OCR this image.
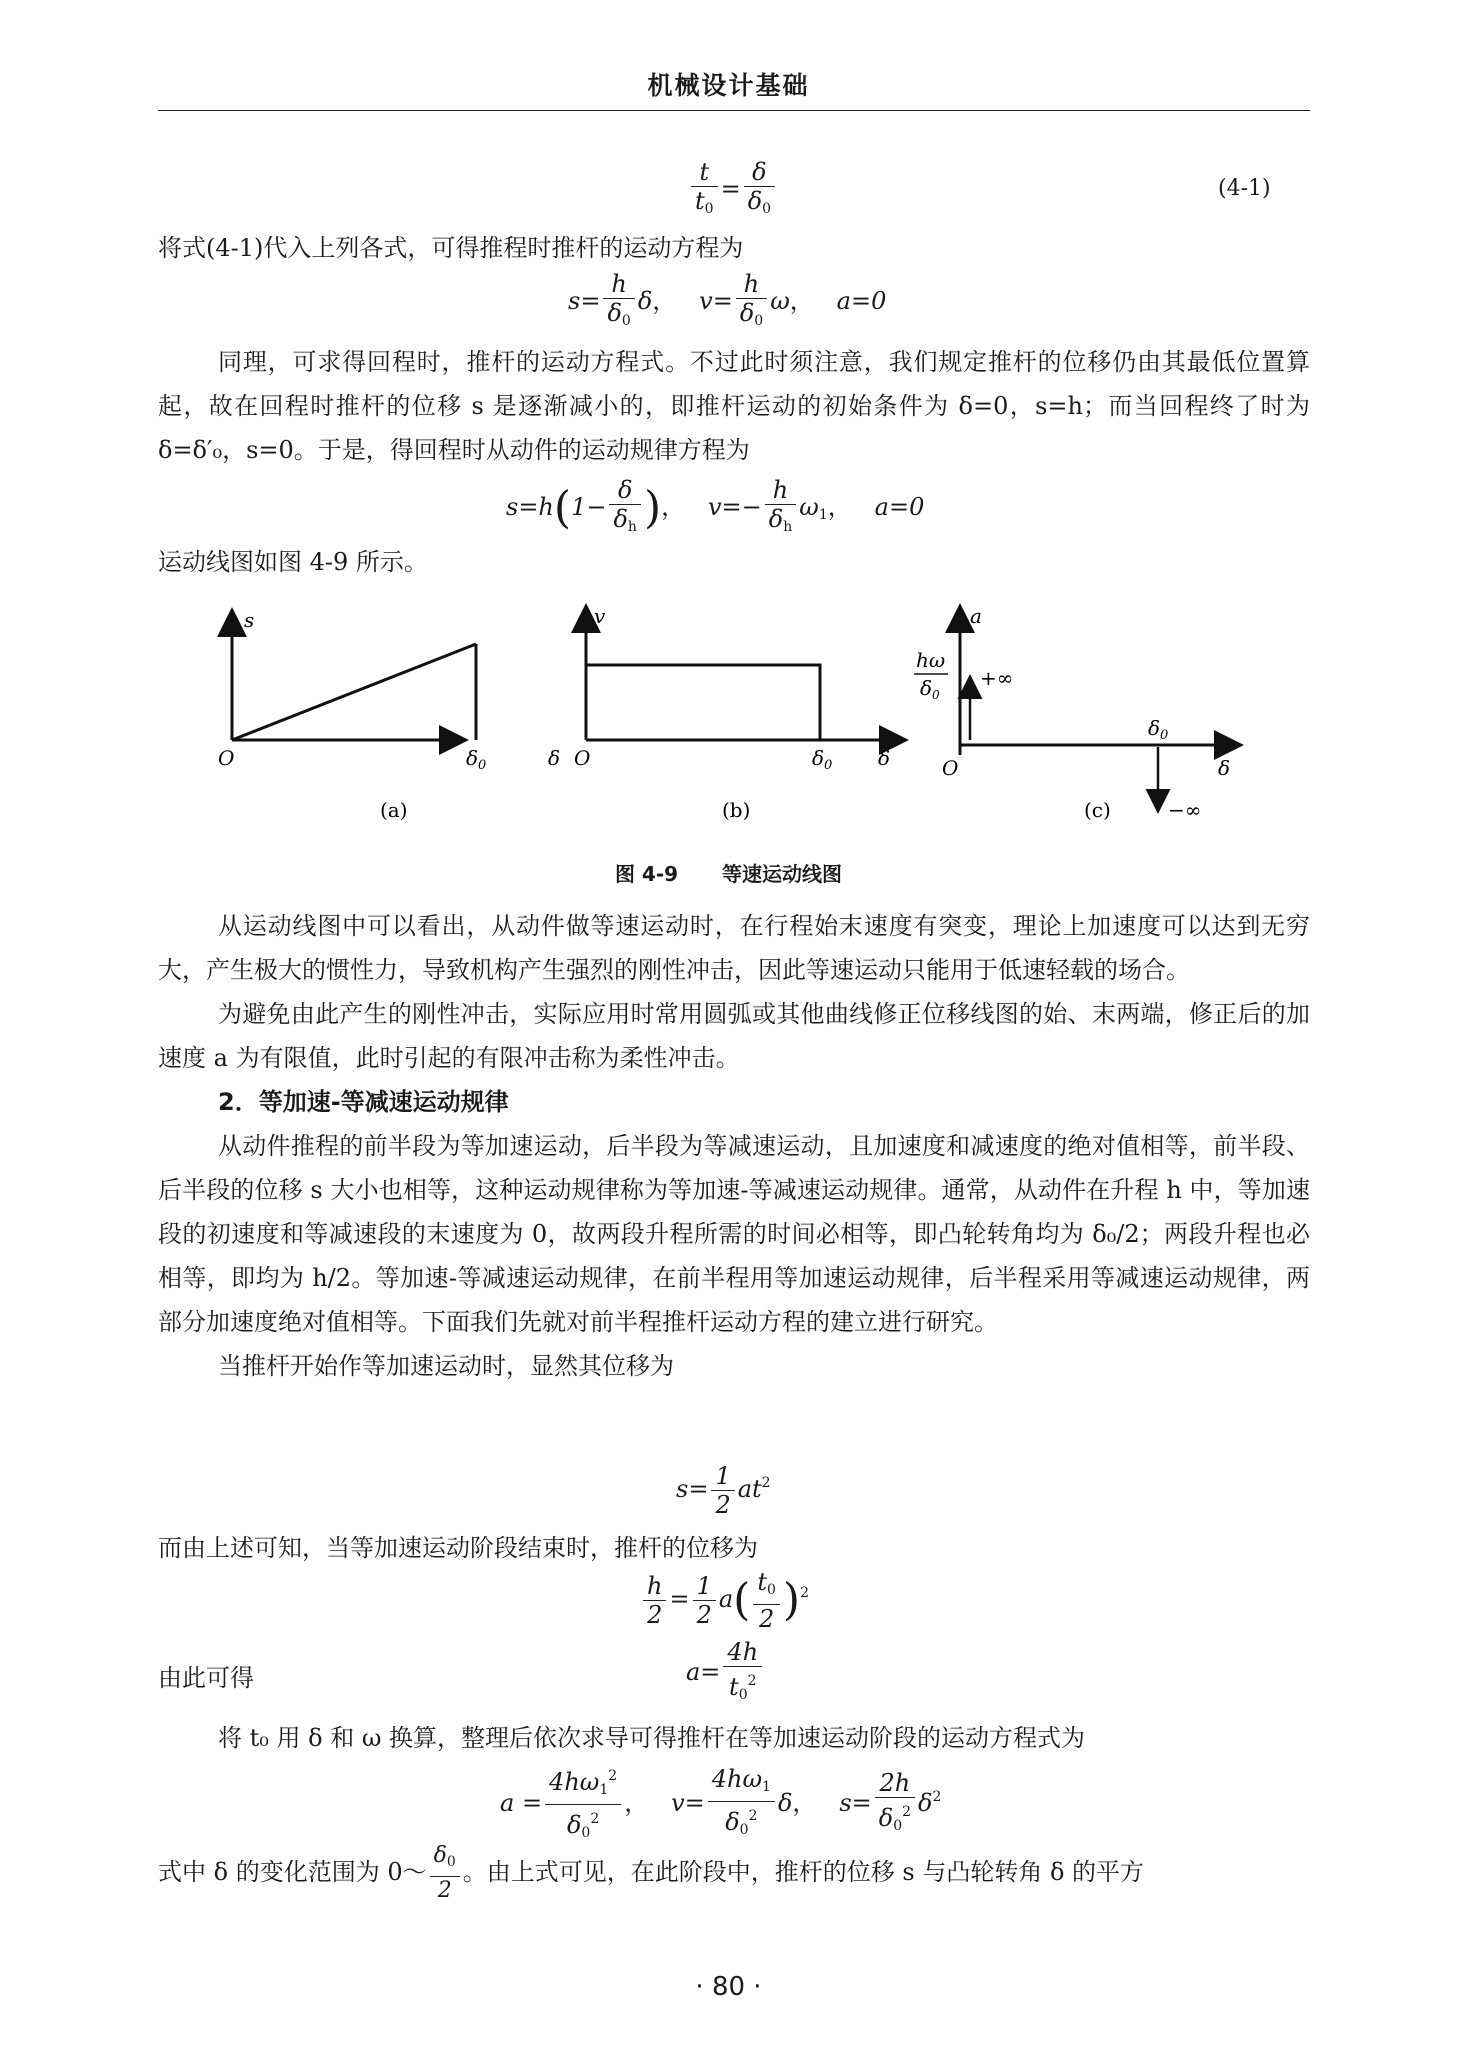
机械设计基础
$\frac{t}{t_0} = \frac{\delta}{\delta_0}$	(4-1)

将式(4-1)代入上列各式，可得推程时推杆的运动方程为

$s= \frac{h}{\delta_0}$ δ，   $v= \frac{h}{\delta_0}$ ω，   a=0

同理，可求得回程时，推杆的运动方程式。不过此时须注意，我们规定推杆的位移仍由其最低位置算起，故在回程时推杆的位移 s 是逐渐减小的，即推杆运动的初始条件为 δ=0，s=h；而当回程终了时为 δ=δ′₀，s=0。于是，得回程时从动件的运动规律方程为

$s=h(1- \frac{\delta}{\delta_h}$ )，   $v=- \frac{h}{\delta_h} \omega_1$，   a=0

运动线图如图 4-9 所示。

s
O	$\delta_0$	δ
(a)
v
O	$\delta_0$ δ
(b)
a
hω
$\delta_0$
+∞
O
$\delta_0$
δ
−∞
(c)
图 4-9 等速运动线图

从运动线图中可以看出，从动件做等速运动时，在行程始末速度有突变，理论上加速度可以达到无穷大，产生极大的惯性力，导致机构产生强烈的刚性冲击，因此等速运动只能用于低速轻载的场合。

为避免由此产生的刚性冲击，实际应用时常用圆弧或其他曲线修正位移线图的始、末两端，修正后的加速度 a 为有限值，此时引起的有限冲击称为柔性冲击。

2．等加速-等减速运动规律

从动件推程的前半段为等加速运动，后半段为等减速运动，且加速度和减速度的绝对值相等，前半段、后半段的位移 s 大小也相等，这种运动规律称为等加速-等减速运动规律。通常，从动件在升程 h 中，等加速段的初速度和等减速段的末速度为 0，故两段升程所需的时间必相等，即凸轮转角均为 δ₀/2；两段升程也必相等，即均为 h/2。等加速-等减速运动规律，在前半程用等加速运动规律，后半程采用等减速运动规律，两部分加速度绝对值相等。下面我们先就对前半程推杆运动方程的建立进行研究。

当推杆开始作等加速运动时，显然其位移为

$s= \frac{1}{2} at^2$

而由上述可知，当等加速运动阶段结束时，推杆的位移为

$\frac{h}{2} = \frac{1}{2} a( \frac{t_0}{2} )^2$

由此可得	$a= \frac{4h}{t_0^2}$

将 t₀ 用 δ 和 ω 换算，整理后依次求导可得推杆在等加速运动阶段的运动方程式为

$a = \frac{4h\omega_1^2}{\delta_0^2}$ ，   $v= \frac{4h\omega_1}{\delta_0^2}$ δ，   $s= \frac{2h}{\delta_0^2} \delta^2$
式中 δ 的变化范围为 0～ $\frac{\delta_0}{2}$ 。由上式可见，在此阶段中，推杆的位移 s 与凸轮转角 δ 的平方
· 80 ·
